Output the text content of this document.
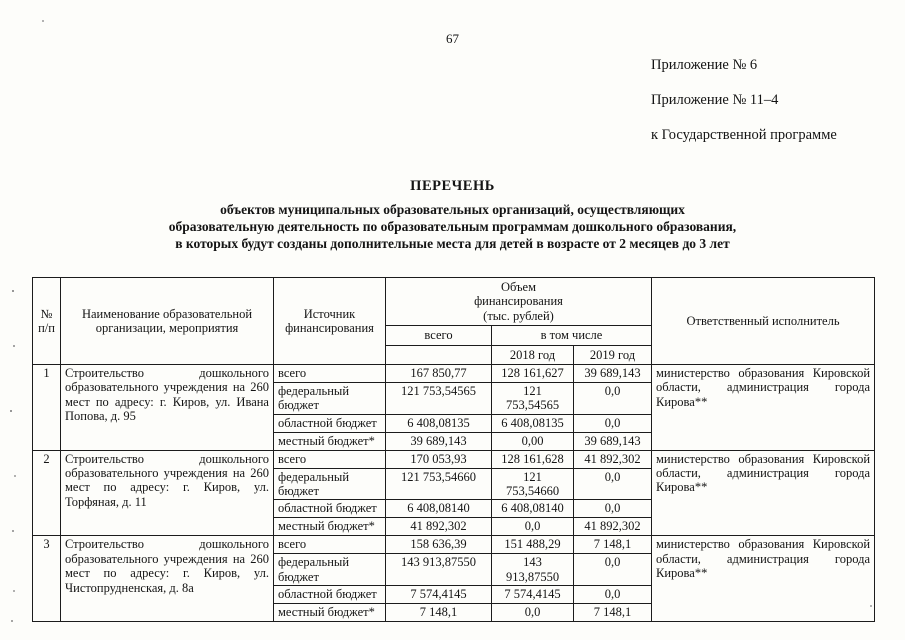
67
Приложение № 6
Приложение № 11–4
к Государственной программе
ПЕРЕЧЕНЬ
объектов муниципальных образовательных организаций, осуществляющих
образовательную деятельность по образовательным программам дошкольного образования,
в которых будут созданы дополнительные места для детей в возрасте от 2 месяцев до 3 лет
№ п/п	Наименование образовательной организации, мероприятия	Источник финансирования	Объем
финансирования
(тыс. рублей)			Ответственный исполнитель
			всего	в том числе		
				2018 год	2019 год	
1	Строительство дошкольного образовательного учреждения на 260 мест по адресу: г. Киров, ул. Ивана Попова, д. 95	всего	167 850,77	128 161,627	39 689,143	министерство образования Кировской области, администрация города Кирова**
		федеральный бюджет	121 753,54565	121 753,54565	0,0	
		областной бюджет	6 408,08135	6 408,08135	0,0	
		местный бюджет*	39 689,143	0,00	39 689,143	
2	Строительство дошкольного образовательного учреждения на 260 мест по адресу: г. Киров, ул. Торфяная, д. 11	всего	170 053,93	128 161,628	41 892,302	министерство образования Кировской области, администрация города Кирова**
		федеральный бюджет	121 753,54660	121 753,54660	0,0	
		областной бюджет	6 408,08140	6 408,08140	0,0	
		местный бюджет*	41 892,302	0,0	41 892,302	
3	Строительство дошкольного образовательного учреждения на 260 мест по адресу: г. Киров, ул. Чистопрудненская, д. 8а	всего	158 636,39	151 488,29	7 148,1	министерство образования Кировской области, администрация города Кирова**
		федеральный бюджет	143 913,87550	143 913,87550	0,0	
		областной бюджет	7 574,4145	7 574,4145	0,0	
		местный бюджет*	7 148,1	0,0	7 148,1	
